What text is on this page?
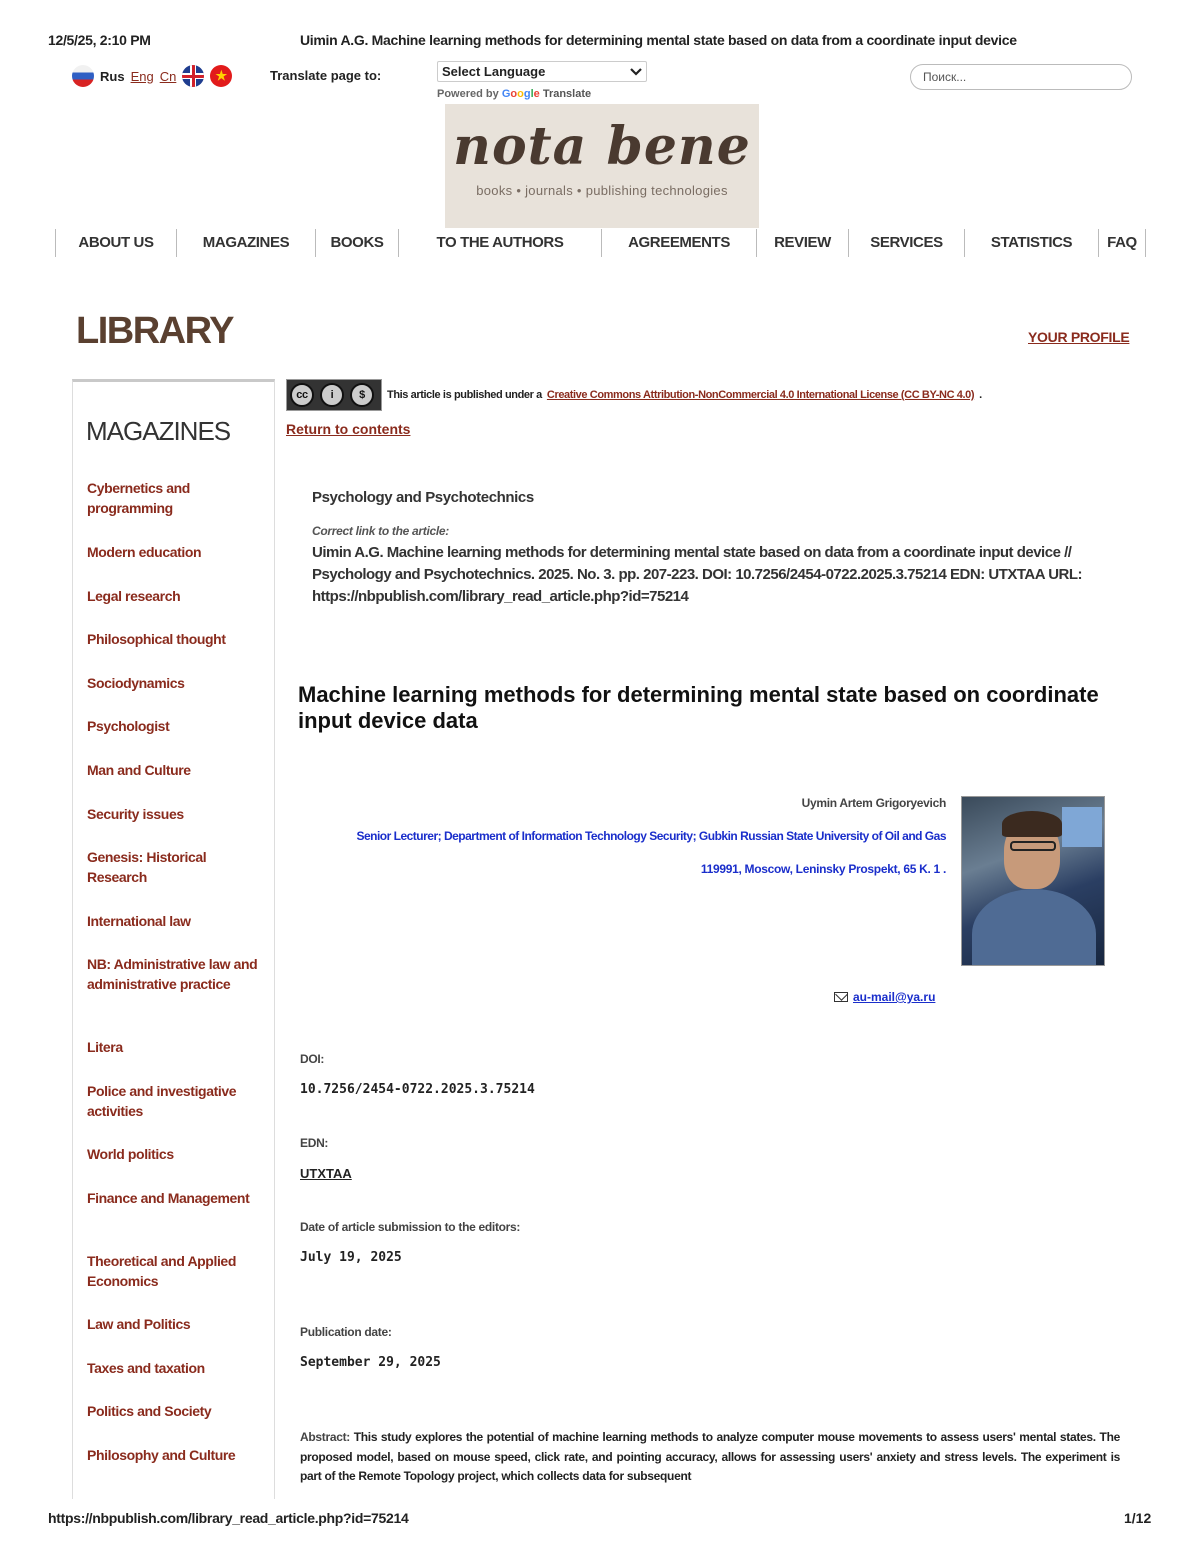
12/5/25, 2:10 PM	Uimin A.G. Machine learning methods for determining mental state based on data from a coordinate input device
Rus Eng Cn	★	Translate page to:	Select Language
Powered by Google Translate
Поиск...
nota bene
books • journals • publishing technologies
ABOUT US	MAGAZINES	BOOKS	TO THE AUTHORS	AGREEMENTS	REVIEW	SERVICES	STATISTICS	FAQ
LIBRARY	YOUR PROFILE
MAGAZINES
Cybernetics and programming
Modern education
Legal research
Philosophical thought
Sociodynamics
Psychologist
Man and Culture
Security issues
Genesis: Historical Research
International law
NB: Administrative law and administrative practice
Litera
Police and investigative activities
World politics
Finance and Management
Theoretical and Applied Economics
Law and Politics
Taxes and taxation
Politics and Society
Philosophy and Culture
cc	i	$	This article is published under a Creative Commons Attribution-NonCommercial 4.0 International License (CC BY-NC 4.0) .
Return to contents
Psychology and Psychotechnics
Correct link to the article:
Uimin A.G. Machine learning methods for determining mental state based on data from a coordinate input device // Psychology and Psychotechnics. 2025. No. 3. pp. 207-223. DOI: 10.7256/2454-0722.2025.3.75214 EDN: UTXTAA URL: https://nbpublish.com/library_read_article.php?id=75214
Machine learning methods for determining mental state based on coordinate input device data
Uymin Artem Grigoryevich
Senior Lecturer; Department of Information Technology Security; Gubkin Russian State University of Oil and Gas
119991, Moscow, Leninsky Prospekt, 65 K. 1 .
au-mail@ya.ru
DOI:
10.7256/2454-0722.2025.3.75214
EDN:
UTXTAA
Date of article submission to the editors:
July 19, 2025
Publication date:
September 29, 2025
Abstract: This study explores the potential of machine learning methods to analyze computer mouse movements to assess users' mental states. The proposed model, based on mouse speed, click rate, and pointing accuracy, allows for assessing users' anxiety and stress levels. The experiment is part of the Remote Topology project, which collects data for subsequent
https://nbpublish.com/library_read_article.php?id=75214	1/12
